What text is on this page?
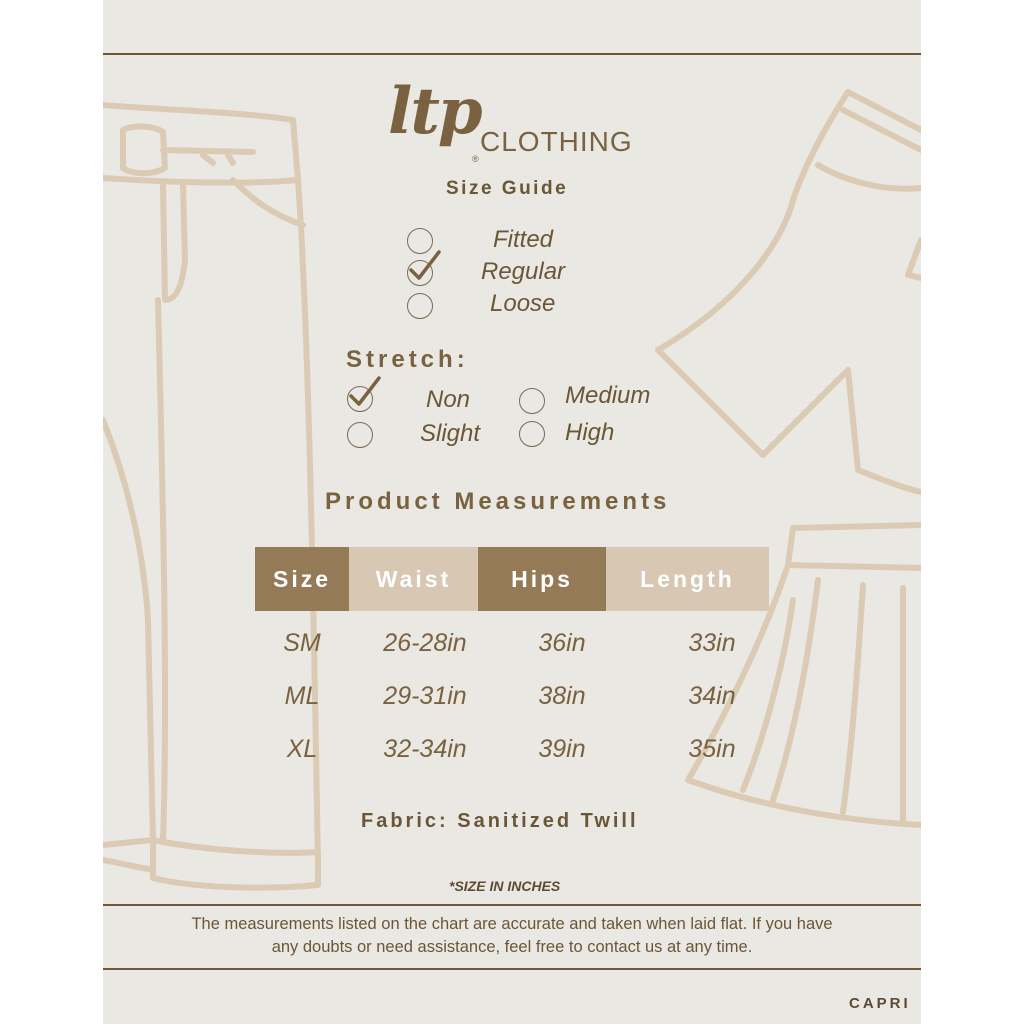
ltp
®
CLOTHING
Size Guide
Fitted
Regular
Loose
Stretch:
Non
Slight
Medium
High
Product Measurements
Size	Waist	Hips	Length
SM	26-28in	36in	33in
ML	29-31in	38in	34in
XL	32-34in	39in	35in
Fabric: Sanitized Twill
*SIZE IN INCHES
The measurements listed on the chart are accurate and taken when laid flat. If you have
any doubts or need assistance, feel free to contact us at any time.
CAPRI
